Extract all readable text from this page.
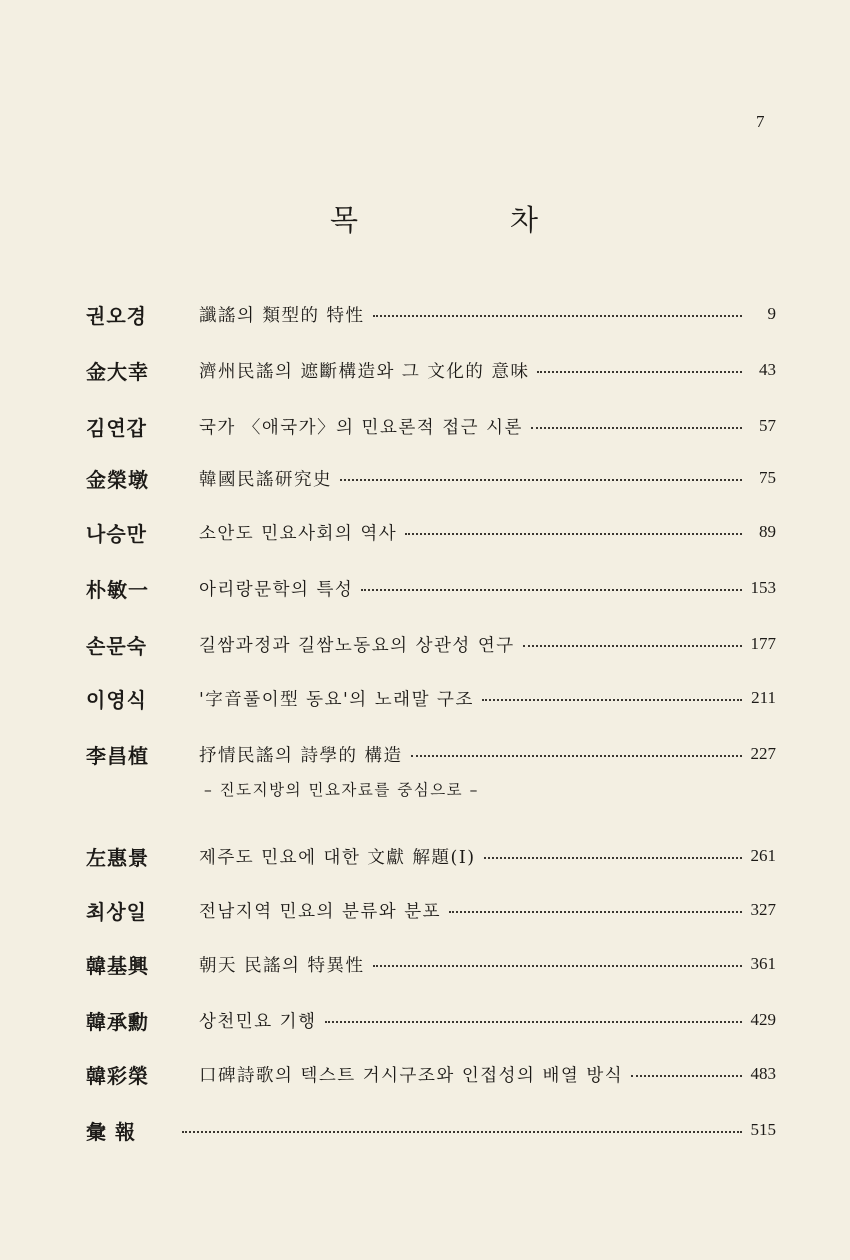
7
목	차
권오경	讖謠의 類型的 特性	9
金大幸	濟州民謠의 遮斷構造와 그 文化的 意味	43
김연갑	국가 〈애국가〉의 민요론적 접근 시론	57
金榮墩	韓國民謠研究史	75
나승만	소안도 민요사회의 역사	89
朴敏一	아리랑문학의 특성	153
손문숙	길쌈과정과 길쌈노동요의 상관성 연구	177
이영식	'字音풀이型 동요'의 노래말 구조	211
李昌植	抒情民謠의 詩學的 構造	227
– 진도지방의 민요자료를 중심으로 –
左惠景	제주도 민요에 대한 文獻 解題(Ⅰ)	261
최상일	전남지역 민요의 분류와 분포	327
韓基興	朝天 民謠의 特異性	361
韓承勳	상천민요 기행	429
韓彩榮	口碑詩歌의 텍스트 거시구조와 인접성의 배열 방식	483
彙 報	515
